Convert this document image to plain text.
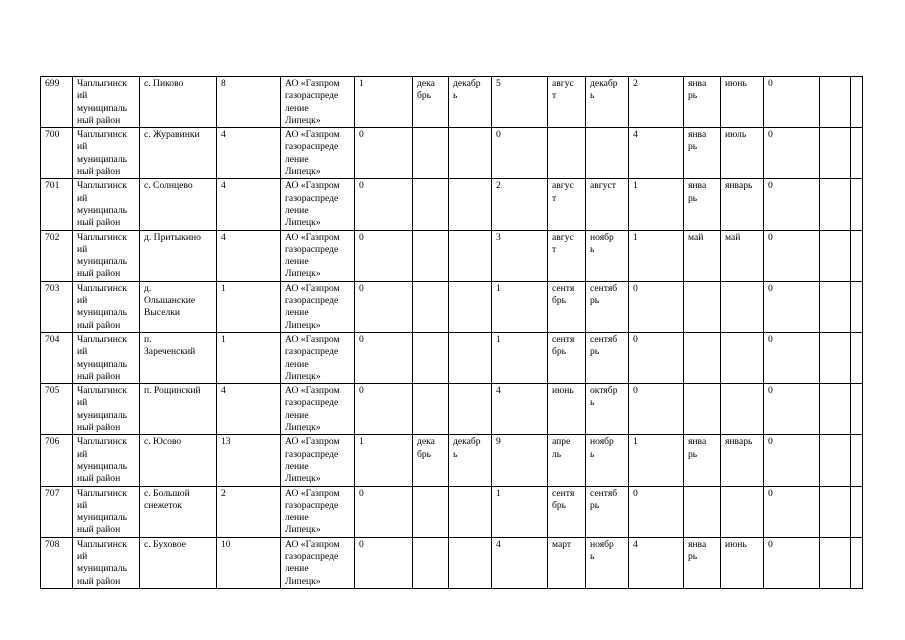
699	Чаплыгинск
ий
муниципаль
ный район	с. Пиково	8	АО «Газпром
газораспреде
ление
Липецк»	1	дека
брь	декабр
ь	5	авгус
т	декабр
ь	2	янва
рь	июнь	0		
700	Чаплыгинск
ий
муниципаль
ный район	с. Журавинки	4	АО «Газпром
газораспреде
ление
Липецк»	0			0			4	янва
рь	июль	0		
701	Чаплыгинск
ий
муниципаль
ный район	с. Солнцево	4	АО «Газпром
газораспреде
ление
Липецк»	0			2	авгус
т	август	1	янва
рь	январь	0		
702	Чаплыгинск
ий
муниципаль
ный район	д. Притыкино	4	АО «Газпром
газораспреде
ление
Липецк»	0			3	авгус
т	ноябр
ь	1	май	май	0		
703	Чаплыгинск
ий
муниципаль
ный район	д.
Ольшанские
Выселки	1	АО «Газпром
газораспреде
ление
Липецк»	0			1	сентя
брь	сентяб
рь	0			0		
704	Чаплыгинск
ий
муниципаль
ный район	п.
Зареченский	1	АО «Газпром
газораспреде
ление
Липецк»	0			1	сентя
брь	сентяб
рь	0			0		
705	Чаплыгинск
ий
муниципаль
ный район	п. Рощинский	4	АО «Газпром
газораспреде
ление
Липецк»	0			4	июнь	октябр
ь	0			0		
706	Чаплыгинск
ий
муниципаль
ный район	с. Юсово	13	АО «Газпром
газораспреде
ление
Липецк»	1	дека
брь	декабр
ь	9	апре
ль	ноябр
ь	1	янва
рь	январь	0		
707	Чаплыгинск
ий
муниципаль
ный район	с. Большой
снежеток	2	АО «Газпром
газораспреде
ление
Липецк»	0			1	сентя
брь	сентяб
рь	0			0		
708	Чаплыгинск
ий
муниципаль
ный район	с. Буховое	10	АО «Газпром
газораспреде
ление
Липецк»	0			4	март	ноябр
ь	4	янва
рь	июнь	0		
